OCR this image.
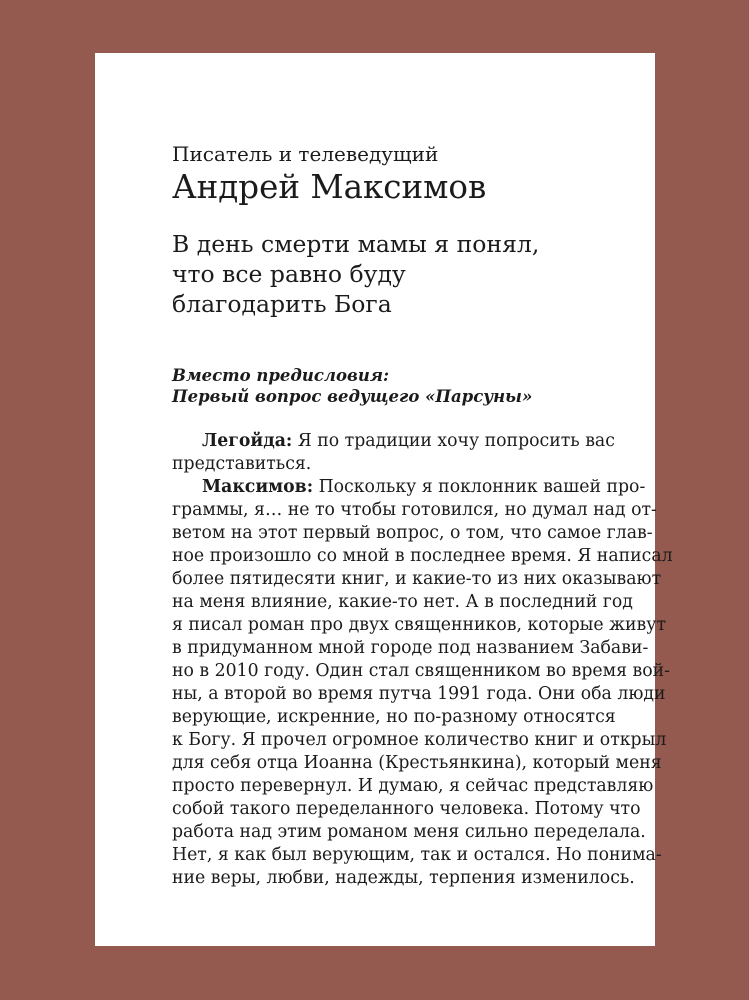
Писатель и телеведущий

Андрей Максимов

В день смерти мамы я понял,

что все равно буду

благодарить Бога

Вместо предисловия:

Первый вопрос ведущего «Парсуны»

Легойда: Я по традиции хочу попросить вас

представиться.

Максимов: Поскольку я поклонник вашей про-

граммы, я… не то чтобы готовился, но думал над от-

ветом на этот первый вопрос, о том, что самое глав-

ное произошло со мной в последнее время. Я написал

более пятидесяти книг, и какие-то из них оказывают

на меня влияние, какие-то нет. А в последний год

я писал роман про двух священников, которые живут

в придуманном мной городе под названием Забави-

но в 2010 году. Один стал священником во время вой-

ны, а второй во время путча 1991 года. Они оба люди

верующие, искренние, но по-разному относятся

к Богу. Я прочел огромное количество книг и открыл

для себя отца Иоанна (Крестьянкина), который меня

просто перевернул. И думаю, я сейчас представляю

собой такого переделанного человека. Потому что

работа над этим романом меня сильно переделала.

Нет, я как был верующим, так и остался. Но понима-

ние веры, любви, надежды, терпения изменилось.
